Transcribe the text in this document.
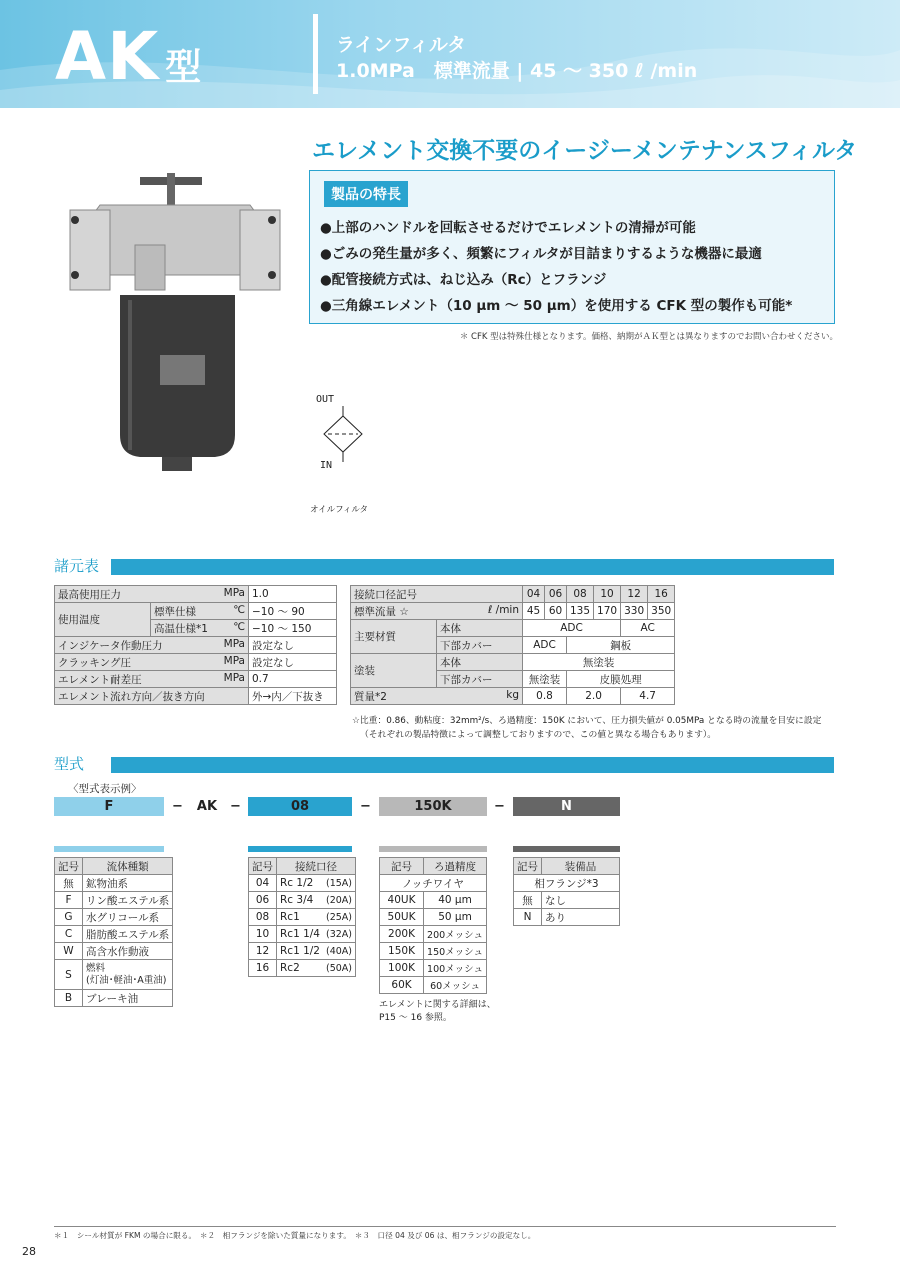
AK 型
ラインフィルタ
1.0MPa　標準流量 | 45 ～ 350 ℓ /min
エレメント交換不要のイージーメンテナンスフィルタ
製品の特長
●上部のハンドルを回転させるだけでエレメントの清掃が可能
●ごみの発生量が多く、頻繁にフィルタが目詰まりするような機器に最適
●配管接続方式は、ねじ込み（Rc）とフランジ
●三角線エレメント（10 μm ～ 50 μm）を使用する CFK 型の製作も可能*
＊ CFK 型は特殊仕様となります。価格、納期がＡＫ型とは異なりますのでお問い合わせください。
OUT
IN
オイルフィルタ
諸元表
最高使用圧力 MPa		1.0
使用温度	標準仕様 ℃	−10 ～ 90
	高温仕様*1 ℃	−10 ～ 150
インジケータ作動圧力 MPa		設定なし
クラッキング圧 MPa		設定なし
エレメント耐差圧 MPa		0.7
エレメント流れ方向／抜き方向		外→内／下抜き
接続口径記号		04	06	08	10	12	16
標準流量 ☆ ℓ /min		45	60	135	170	330	350
主要材質	本体	ADC				AC	
	下部カバー	ADC		鋼板			
塗装	本体	無塗装					
	下部カバー	無塗装		皮膜処理			
質量*2 kg		0.8		2.0		4.7	
☆比重：0.86、動粘度：32mm²/s、ろ過精度：150K において、圧力損失値が 0.05MPa となる時の流量を目安に設定
（それぞれの製品特徴によって調整しておりますので、この値と異なる場合もあります）。
型式
〈型式表示例〉
F	−	AK −	08	−	150K	−	N
記号	流体種類
無	鉱物油系
F	リン酸エステル系
G	水グリコール系
C	脂肪酸エステル系
W	高含水作動液
S	燃料
(灯油･軽油･A重油)
B	ブレーキ油
記号	接続口径	
04	Rc 1/2	(15A)
06	Rc 3/4	(20A)
08	Rc1	(25A)
10	Rc1 1/4	(32A)
12	Rc1 1/2	(40A)
16	Rc2	(50A)
記号	ろ過精度
ノッチワイヤ	
40UK	40 μm
50UK	50 μm
200K	200メッシュ
150K	150メッシュ
100K	100メッシュ
60K	60メッシュ
エレメントに関する詳細は、
P15 ～ 16 参照。
記号	装備品
相フランジ*3	
無	なし
N	あり
＊１　シール材質が FKM の場合に限る。　＊２　相フランジを除いた質量になります。　＊３　口径 04 及び 06 は、相フランジの設定なし。
28
